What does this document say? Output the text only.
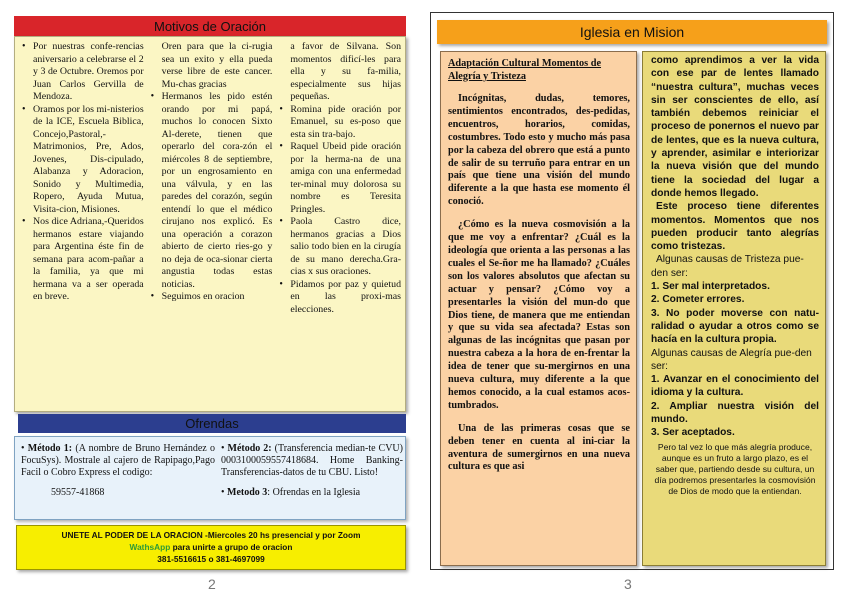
Motivos de Oración
• Por nuestras confe-rencias aniversario a celebrarse el 2 y 3 de Octubre. Oremos por Juan Carlos Gervilla de Mendoza.
• Oramos por los mi-nisterios de la ICE, Escuela Biblica, Concejo,Pastoral,-Matrimonios, Pre, Ados, Jovenes, Dis-cipulado, Alabanza y Adoracion, Sonido y Multimedia, Ropero, Ayuda Mutua, Visita-cion, Misiones.
• Nos dice Adriana,-Queridos hermanos estare viajando para Argentina éste fin de semana para acom-pañar a la familia, ya que mi hermana va a ser operada en breve.

Oren para que la ci-rugia sea un exito y ella pueda verse libre de este cancer. Mu-chas gracias

• Hermanos les pido estén orando por mi papá, muchos lo conocen Sixto Al-derete, tienen que operarlo del cora-zón el miércoles 8 de septiembre, por un engrosamiento en una válvula, y en las paredes del corazón, según entendí lo que el médico cirujano nos explicó. Es una operación a corazon abierto de cierto ries-go y no deja de oca-sionar cierta angustia todas estas noticias.
• Seguimos en oracion

a favor de Silvana. Son momentos dificí-les para ella y su fa-milia, especialmente sus hijas pequeñas.

• Romina pide oración por Emanuel, su es-poso que esta sin tra-bajo.
• Raquel Ubeid pide oración por la herma-na de una amiga con una enfermedad ter-minal muy dolorosa su nombre es Teresita Pringles.
• Paola Castro dice, hermanos gracias a Dios salio todo bien en la cirugía de su mano derecha.Gra-cias x sus oraciones.
• Pidamos por paz y quietud en las proxi-mas elecciones.
Ofrendas
• Método 1: (A nombre de Bruno Hernández o FocuSys). Mostrale al cajero de Rapipago,Pago Facil o Cobro Express el codigo:
59557-41868
• Método 2: (Transferencia median-te CVU) 0003100059557418684. Home Banking- Transferencias-datos de tu CBU. Listo!
• Metodo 3: Ofrendas en la Iglesia
UNETE AL PODER DE LA ORACION -Miercoles 20 hs presencial y por Zoom
WathsApp para unirte a grupo de oracion
381-5516615 o 381-4697099
2
Iglesia en Mision
Adaptación Cultural Momentos de Alegría y Tristeza

Incógnitas, dudas, temores, sentimientos encontrados, des-pedidas, encuentros, horarios, comidas, costumbres. Todo esto y mucho más pasa por la cabeza del obrero que está a punto de salir de su terruño para entrar en un país que tiene una visión del mundo diferente a la que hasta ese momento él conoció.

¿Cómo es la nueva cosmovisión a la que me voy a enfrentar? ¿Cuál es la ideología que orienta a las personas a las cuales el Se-ñor me ha llamado? ¿Cuáles son los valores absolutos que afectan su actuar y pensar? ¿Cómo voy a presentarles la visión del mun-do que Dios tiene, de manera que me entiendan y que su vida sea afectada? Estas son algunas de las incógnitas que pasan por nuestra cabeza a la hora de en-frentar la idea de tener que su-mergirnos en una nueva cultura, muy diferente a la que hemos conocido, a la cual estamos acos-tumbrados.

Una de las primeras cosas que se deben tener en cuenta al ini-ciar la aventura de sumergirnos en una nueva cultura es que asi

como aprendimos a ver la vida con ese par de lentes llamado “nuestra cultura”, muchas veces sin ser conscientes de ello, así también debemos reiniciar el proceso de ponernos el nuevo par de lentes, que es la nueva cultura, y aprender, asimilar e interiorizar la nueva visión que del mundo tiene la sociedad del lugar a donde hemos llegado.

Este proceso tiene diferentes momentos. Momentos que nos pueden producir tanto alegrías como tristezas.

Algunas causas de Tristeza pue-den ser:

1. Ser mal interpretados.

2. Cometer errores.

3. No poder moverse con natu-ralidad o ayudar a otros como se hacía en la cultura propia.

Algunas causas de Alegría pue-den ser:

1. Avanzar en el conocimiento del idioma y la cultura.

2. Ampliar nuestra visión del mundo.

3. Ser aceptados.

Pero tal vez lo que más alegría produce, aunque es un fruto a largo plazo, es el saber que, partiendo desde su cultura, un día podremos presentarles la cosmovisión de Dios de modo que la entiendan.
3
